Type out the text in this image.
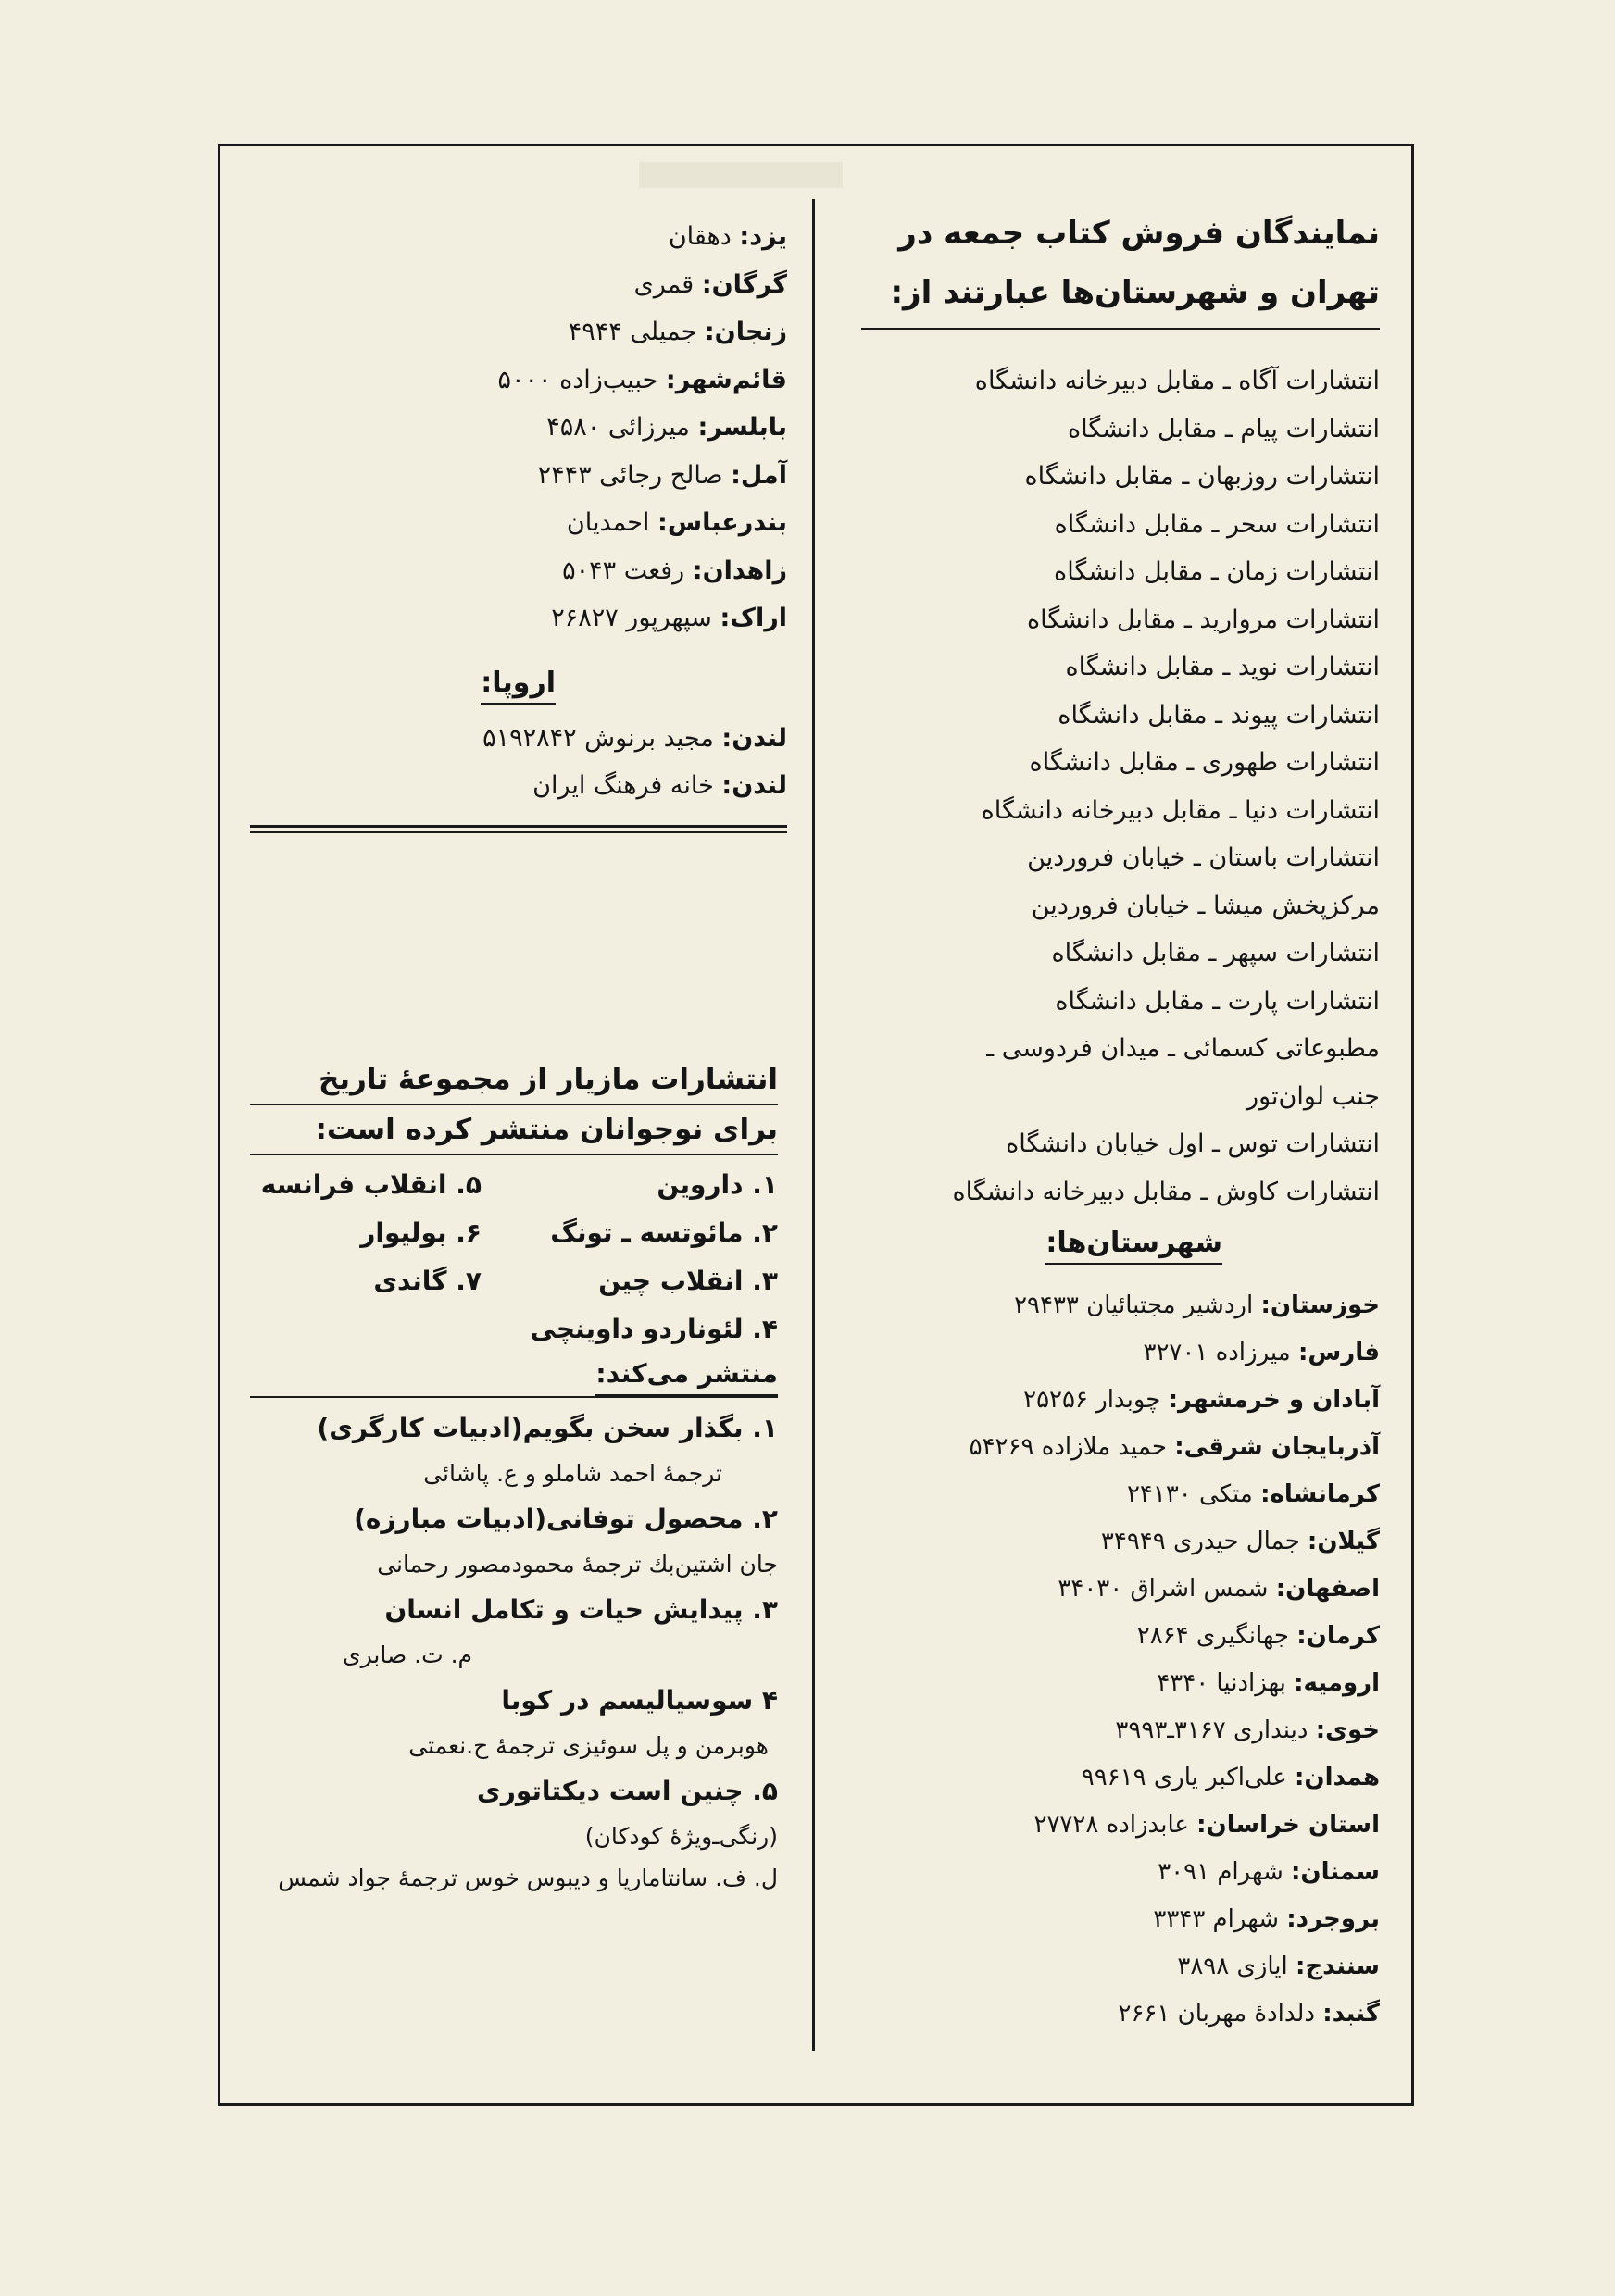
نمایندگان فروش کتاب جمعه در
تهران و شهرستان‌ها عبارتند از:
انتشارات آگاه ـ مقابل دبیرخانه دانشگاه
انتشارات پیام ـ مقابل دانشگاه
انتشارات روزبهان ـ مقابل دانشگاه
انتشارات سحر ـ مقابل دانشگاه
انتشارات زمان ـ مقابل دانشگاه
انتشارات مروارید ـ مقابل دانشگاه
انتشارات نوید ـ مقابل دانشگاه
انتشارات پیوند ـ مقابل دانشگاه
انتشارات طهوری ـ مقابل دانشگاه
انتشارات دنیا ـ مقابل دبیرخانه دانشگاه
انتشارات باستان ـ خیابان فروردین
مرکزپخش میشا ـ خیابان فروردین
انتشارات سپهر ـ مقابل دانشگاه
انتشارات پارت ـ مقابل دانشگاه
مطبوعاتی کسمائی ـ میدان فردوسی ـ
جنب لوان‌تور
انتشارات توس ـ اول خیابان دانشگاه
انتشارات کاوش ـ مقابل دبیرخانه دانشگاه
شهرستان‌ها:
خوزستان: اردشیر مجتبائیان ۲۹۴۳۳
فارس: میرزاده ۳۲۷۰۱
آبادان و خرمشهر: چوبدار ۲۵۲۵۶
آذربایجان شرقی: حمید ملازاده ۵۴۲۶۹
کرمانشاه: متکی ۲۴۱۳۰
گیلان: جمال حیدری ۳۴۹۴۹
اصفهان: شمس اشراق ۳۴۰۳۰
کرمان: جهانگیری ۲۸۶۴
ارومیه: بهزادنیا ۴۳۴۰
خوی: دینداری ۳۱۶۷ـ۳۹۹۳
همدان: علی‌اکبر یاری ۹۹۶۱۹
استان خراسان: عابدزاده ۲۷۷۲۸
سمنان: شهرام ۳۰۹۱
بروجرد: شهرام ۳۳۴۳
سنندج: ایازی ۳۸۹۸
گنبد: دلدادهٔ مهربان ۲۶۶۱
یزد: دهقان
گرگان: قمری
زنجان: جمیلی ۴۹۴۴
قائم‌شهر: حبیب‌زاده ۵۰۰۰
بابلسر: میرزائی ۴۵۸۰
آمل: صالح رجائی ۲۴۴۳
بندرعباس: احمدیان
زاهدان: رفعت ۵۰۴۳
اراک: سپهرپور ۲۶۸۲۷
اروپا:
لندن: مجید برنوش ۵۱۹۲۸۴۲
لندن: خانه فرهنگ ایران
انتشارات مازیار از مجموعهٔ تاریخ
برای نوجوانان منتشر کرده است:
۱. داروین
۲. مائوتسه ـ تونگ
۳. انقلاب چین
۴. لئوناردو داوینچی
۵. انقلاب فرانسه
۶. بولیوار
۷. گاندی
منتشر می‌کند:
۱. بگذار سخن بگویم(ادبیات کارگری)
ترجمهٔ احمد شاملو و ع. پاشائی
۲. محصول توفانی(ادبیات مبارزه)
جان اشتین‌بك ترجمهٔ محمودمصور رحمانی
۳. پیدایش حیات و تکامل انسان
م. ت. صابری
۴ سوسیالیسم در کوبا
هوبرمن و پل سوئیزی ترجمهٔ ح.نعمتی
۵. چنین است دیکتاتوری
(رنگی‌ـ‌ویژهٔ کودکان)
ل. ف. سانتاماریا و دیبوس خوس ترجمهٔ جواد شمس
